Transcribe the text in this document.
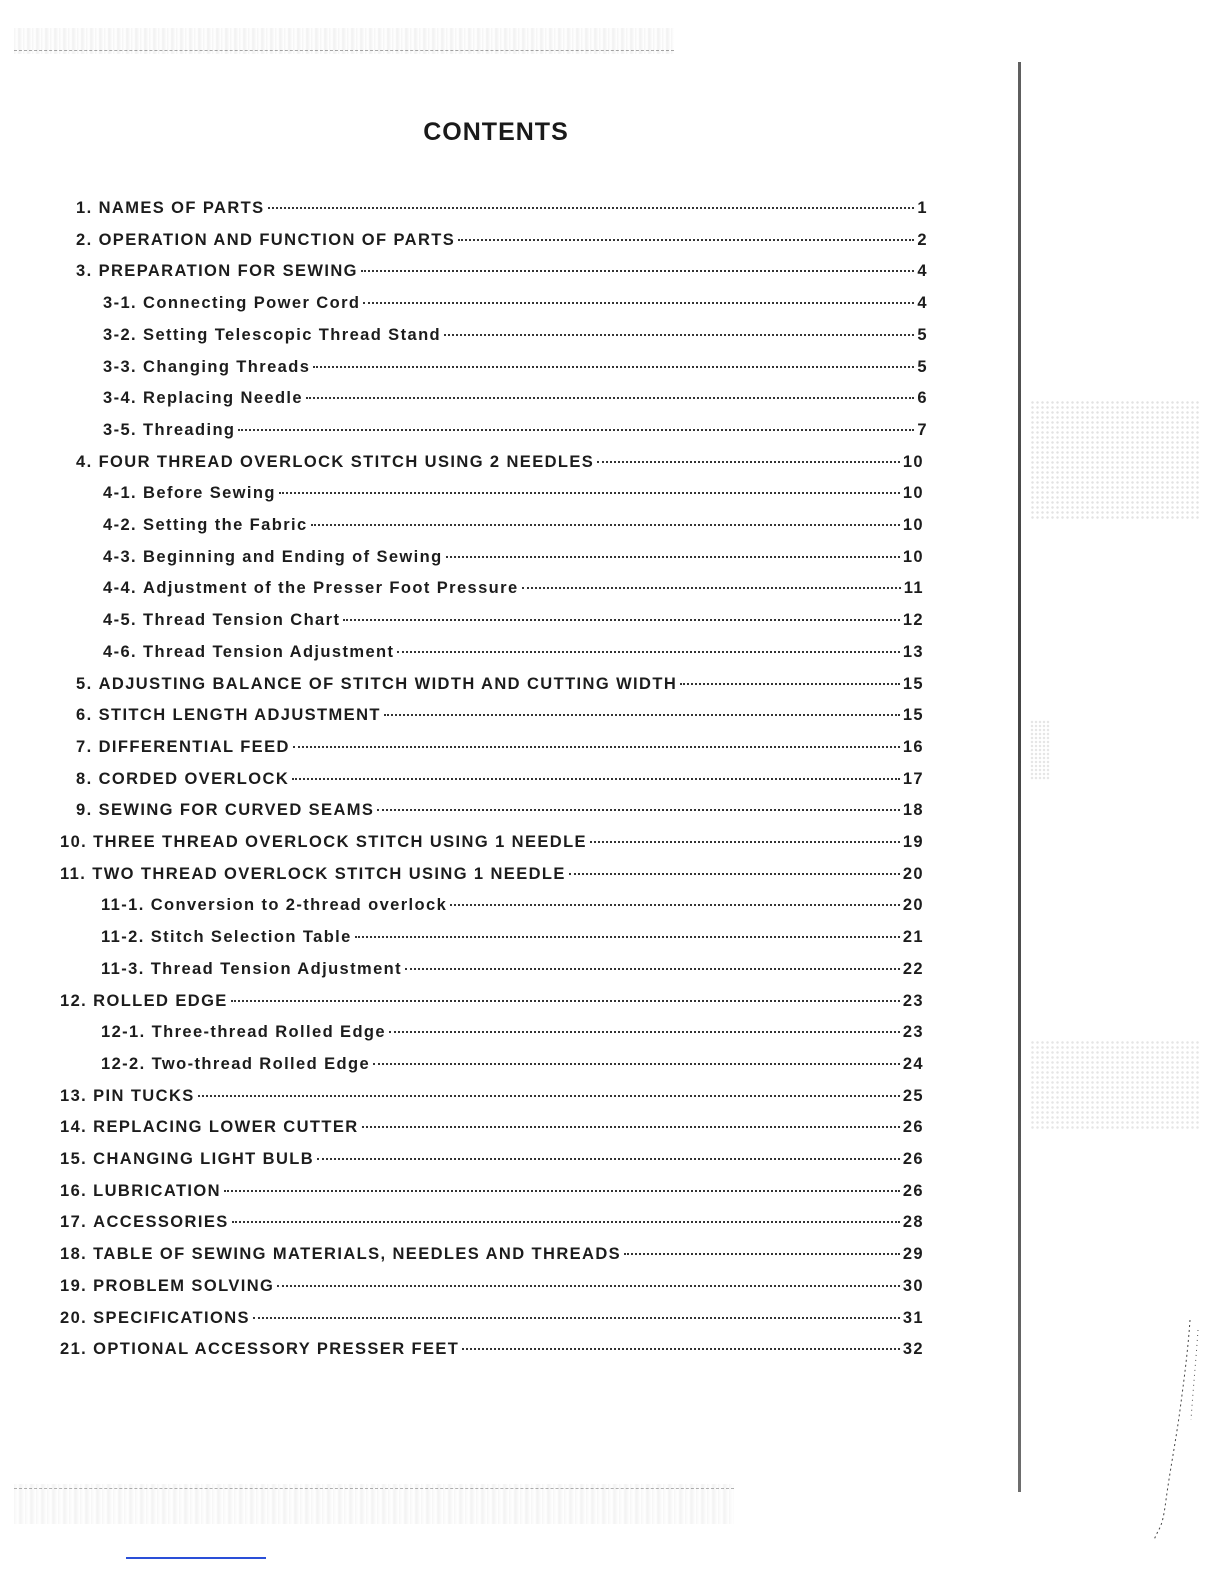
CONTENTS
1. NAMES OF PARTS	1
2. OPERATION AND FUNCTION OF PARTS	2
3. PREPARATION FOR SEWING	4
3-1. Connecting Power Cord	4
3-2. Setting Telescopic Thread Stand	5
3-3. Changing Threads	5
3-4. Replacing Needle	6
3-5. Threading	7
4. FOUR THREAD OVERLOCK STITCH USING 2 NEEDLES	10
4-1. Before Sewing	10
4-2. Setting the Fabric	10
4-3. Beginning and Ending of Sewing	10
4-4. Adjustment of the Presser Foot Pressure	11
4-5. Thread Tension Chart	12
4-6. Thread Tension Adjustment	13
5. ADJUSTING BALANCE OF STITCH WIDTH AND CUTTING WIDTH	15
6. STITCH LENGTH ADJUSTMENT	15
7. DIFFERENTIAL FEED	16
8. CORDED OVERLOCK	17
9. SEWING FOR CURVED SEAMS	18
10. THREE THREAD OVERLOCK STITCH USING 1 NEEDLE	19
11. TWO THREAD OVERLOCK STITCH USING 1 NEEDLE	20
11-1. Conversion to 2-thread overlock	20
11-2. Stitch Selection Table	21
11-3. Thread Tension Adjustment	22
12. ROLLED EDGE	23
12-1. Three-thread Rolled Edge	23
12-2. Two-thread Rolled Edge	24
13. PIN TUCKS	25
14. REPLACING LOWER CUTTER	26
15. CHANGING LIGHT BULB	26
16. LUBRICATION	26
17. ACCESSORIES	28
18. TABLE OF SEWING MATERIALS, NEEDLES AND THREADS	29
19. PROBLEM SOLVING	30
20. SPECIFICATIONS	31
21. OPTIONAL ACCESSORY PRESSER FEET	32
